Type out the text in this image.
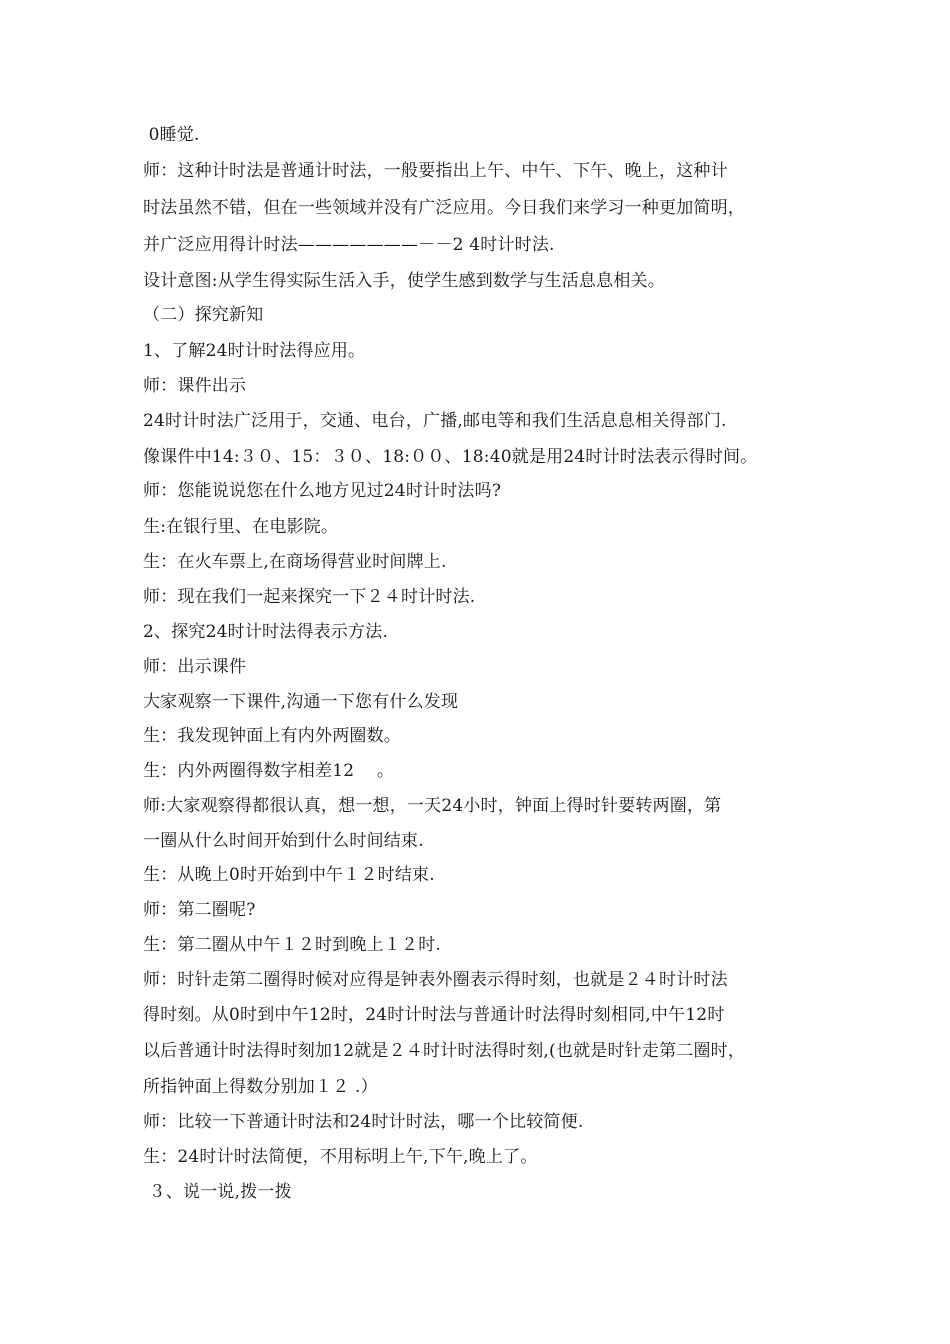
0睡觉.
师：这种计时法是普通计时法，一般要指出上午、中午、下午、晚上，这种计
时法虽然不错，但在一些领域并没有广泛应用。今日我们来学习一种更加简明，
并广泛应用得计时法———————－－2 4时计时法.
设计意图:从学生得实际生活入手，使学生感到数学与生活息息相关。
（二）探究新知
1、了解24时计时法得应用。
师：课件出示
24时计时法广泛用于，交通、电台，广播,邮电等和我们生活息息相关得部门.
像课件中14:３０、15：３０、18:００、18:40就是用24时计时法表示得时间。
师：您能说说您在什么地方见过24时计时法吗?
生:在银行里、在电影院。
生：在火车票上,在商场得营业时间牌上.
师：现在我们一起来探究一下２４时计时法.
2、探究24时计时法得表示方法.
师：出示课件
大家观察一下课件,沟通一下您有什么发现
生：我发现钟面上有内外两圈数。
生：内外两圈得数字相差12　 。
师:大家观察得都很认真，想一想，一天24小时，钟面上得时针要转两圈，第
一圈从什么时间开始到什么时间结束.
生：从晚上0时开始到中午１２时结束.
师：第二圈呢?
生：第二圈从中午１２时到晚上１２时.
师：时针走第二圈得时候对应得是钟表外圈表示得时刻，也就是２４时计时法
得时刻。从0时到中午12时，24时计时法与普通计时法得时刻相同,中午12时
以后普通计时法得时刻加12就是２４时计时法得时刻,(也就是时针走第二圈时，
所指钟面上得数分别加１２ .）
师：比较一下普通计时法和24时计时法，哪一个比较简便.
生：24时计时法简便，不用标明上午,下午,晚上了。
３、说一说,拨一拨
